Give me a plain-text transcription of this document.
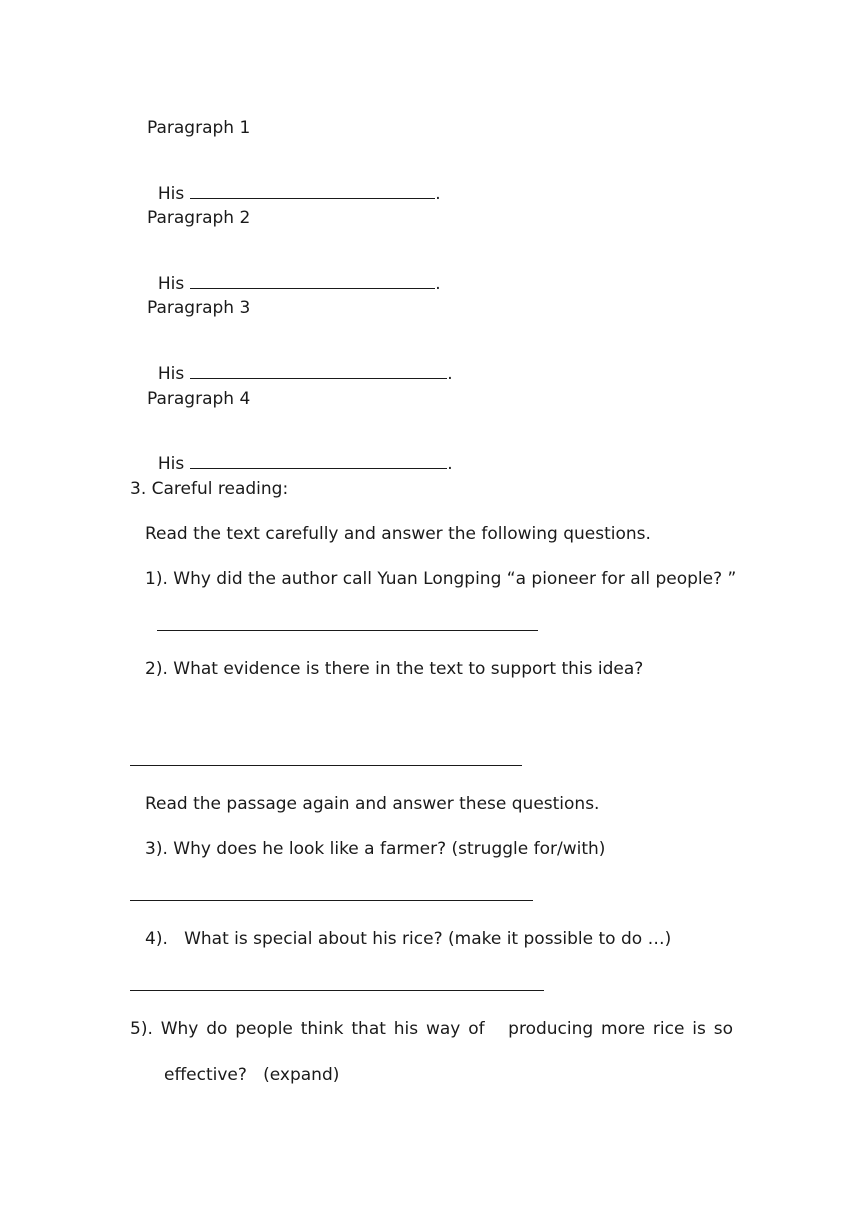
Paragraph 1

His	.

Paragraph 2

His	.

Paragraph 3

His	.

Paragraph 4

His	.

3. Careful reading:
Read the text carefully and answer the following questions.
1). Why did the author call Yuan Longping “a pioneer for all people? ”
2). What evidence is there in the text to support this idea?
Read the passage again and answer these questions.
3). Why does he look like a farmer? (struggle for/with)
4).   What is special about his rice? (make it possible to do …)
5). Why do people think that his way of   producing more rice is so
effective?   (expand)
